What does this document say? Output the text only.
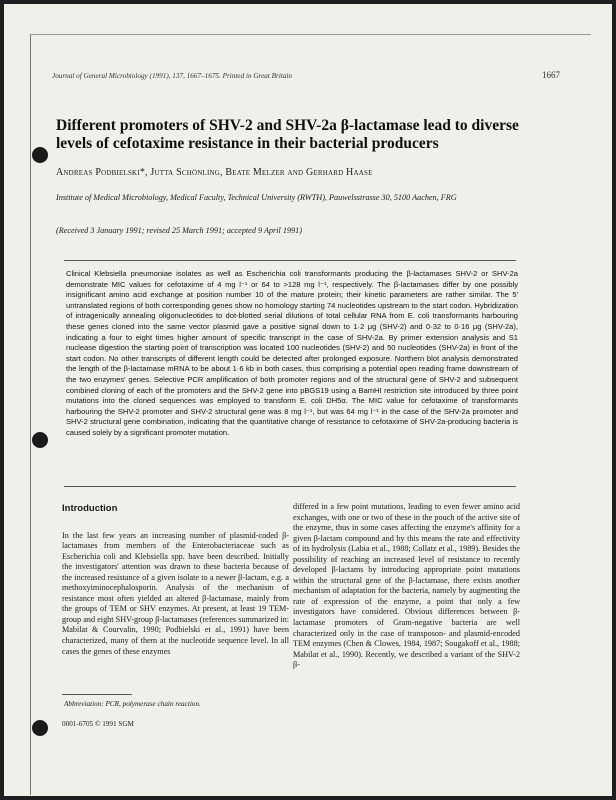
Journal of General Microbiology (1991), 137, 1667–1675. Printed in Great Britain	1667
Different promoters of SHV-2 and SHV-2a β-lactamase lead to diverse levels of cefotaxime resistance in their bacterial producers
Andreas Podbielski*, Jutta Schönling, Beate Melzer and Gerhard Haase
Institute of Medical Microbiology, Medical Faculty, Technical University (RWTH), Pauwelsstrasse 30, 5100 Aachen, FRG
(Received 3 January 1991; revised 25 March 1991; accepted 9 April 1991)
Clinical Klebsiella pneumoniae isolates as well as Escherichia coli transformants producing the β-lactamases SHV-2 or SHV-2a demonstrate MIC values for cefotaxime of 4 mg l⁻¹ or 64 to >128 mg l⁻¹, respectively. The β-lactamases differ by one possibly insignificant amino acid exchange at position number 10 of the mature protein; their kinetic parameters are rather similar. The 5′ untranslated regions of both corresponding genes show no homology starting 74 nucleotides upstream to the start codon. Hybridization of intragenically annealing oligonucleotides to dot-blotted serial dilutions of total cellular RNA from E. coli transformants harbouring these genes cloned into the same vector plasmid gave a positive signal down to 1·2 μg (SHV-2) and 0·32 to 0·16 μg (SHV-2a), indicating a four to eight times higher amount of specific transcript in the case of SHV-2a. By primer extension analysis and S1 nuclease digestion the starting point of transcription was located 100 nucleotides (SHV-2) and 50 nucleotides (SHV-2a) in front of the start codon. No other transcripts of different length could be detected after prolonged exposure. Northern blot analysis demonstrated the length of the β-lactamase mRNA to be about 1·6 kb in both cases, thus comprising a potential open reading frame downstream of the two enzymes' genes. Selective PCR amplification of both promoter regions and of the structural gene of SHV-2 and subsequent combined cloning of each of the promoters and the SHV-2 gene into pBGS19 using a BamHI restriction site introduced by three point mutations into the cloned sequences was employed to transform E. coli DH5α. The MIC value for cefotaxime of transformants harbouring the SHV-2 promoter and SHV-2 structural gene was 8 mg l⁻¹, but was 64 mg l⁻¹ in the case of the SHV-2a promoter and SHV-2 structural gene combination, indicating that the quantitative change of resistance to cefotaxime of SHV-2a-producing bacteria is caused solely by a significant promoter mutation.

Introduction

In the last few years an increasing number of plasmid-coded β-lactamases from members of the Enterobacteriaceae such as Escherichia coli and Klebsiella spp. have been described. Initially the investigators' attention was drawn to these bacteria because of the increased resistance of a given isolate to a newer β-lactam, e.g. a methoxyiminocephalosporin. Analysis of the mechanism of resistance most often yielded an altered β-lactamase, mainly from the groups of TEM or SHV enzymes. At present, at least 19 TEM-group and eight SHV-group β-lactamases (references summarized in: Mabilat & Courvalin, 1990; Podbielski et al., 1991) have been characterized, many of them at the nucleotide sequence level. In all cases the genes of these enzymes

differed in a few point mutations, leading to even fewer amino acid exchanges, with one or two of these in the pouch of the active site of the enzyme, thus in some cases affecting the enzyme's affinity for a given β-lactam compound and by this means the rate and effectivity of its hydrolysis (Labia et al., 1988; Collatz et al., 1989). Besides the possibility of reaching an increased level of resistance to recently developed β-lactams by introducing appropriate point mutations within the structural gene of the β-lactamase, there exists another mechanism of adaptation for the bacteria, namely by augmenting the rate of expression of the enzyme, a point that only a few investigators have considered. Obvious differences between β-lactamase promoters of Gram-negative bacteria are well characterized only in the case of transposon- and plasmid-encoded TEM enzymes (Chen & Clowes, 1984, 1987; Sougakoff et al., 1988; Mabilat et al., 1990). Recently, we described a variant of the SHV-2 β-

Abbreviation: PCR, polymerase chain reaction.
0001-6705 © 1991 SGM
